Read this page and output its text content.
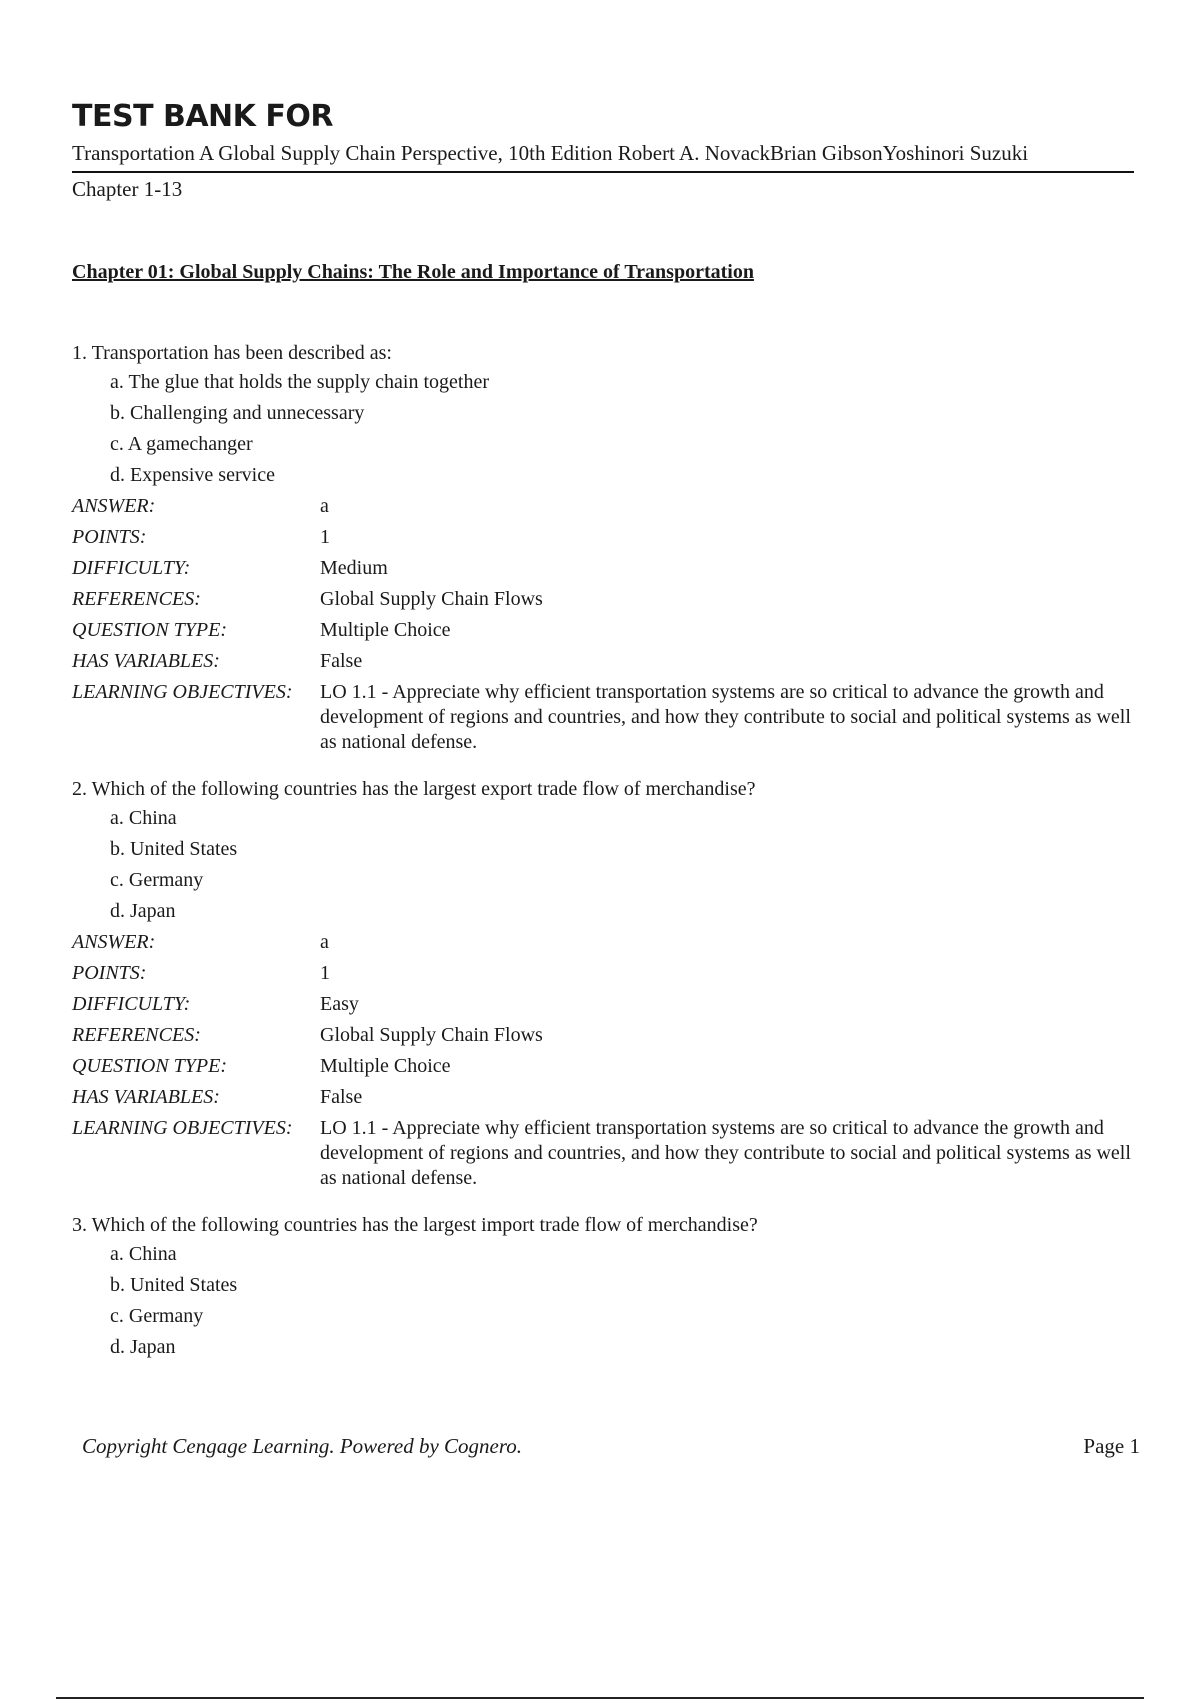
TEST BANK FOR
Transportation A Global Supply Chain Perspective, 10th Edition Robert A. NovackBrian GibsonYoshinori Suzuki
Chapter 1-13
Chapter 01: Global Supply Chains: The Role and Importance of Transportation
1. Transportation has been described as:
a. The glue that holds the supply chain together
b. Challenging and unnecessary
c. A gamechanger
d. Expensive service
ANSWER:	a
POINTS:	1
DIFFICULTY:	Medium
REFERENCES:	Global Supply Chain Flows
QUESTION TYPE:	Multiple Choice
HAS VARIABLES:	False
LEARNING OBJECTIVES:	LO 1.1 - Appreciate why efficient transportation systems are so critical to advance the growth and development of regions and countries, and how they contribute to social and political systems as well as national defense.
2. Which of the following countries has the largest export trade flow of merchandise?
a. China
b. United States
c. Germany
d. Japan
ANSWER:	a
POINTS:	1
DIFFICULTY:	Easy
REFERENCES:	Global Supply Chain Flows
QUESTION TYPE:	Multiple Choice
HAS VARIABLES:	False
LEARNING OBJECTIVES:	LO 1.1 - Appreciate why efficient transportation systems are so critical to advance the growth and development of regions and countries, and how they contribute to social and political systems as well as national defense.
3. Which of the following countries has the largest import trade flow of merchandise?
a. China
b. United States
c. Germany
d. Japan
Copyright Cengage Learning. Powered by Cognero.	Page 1
